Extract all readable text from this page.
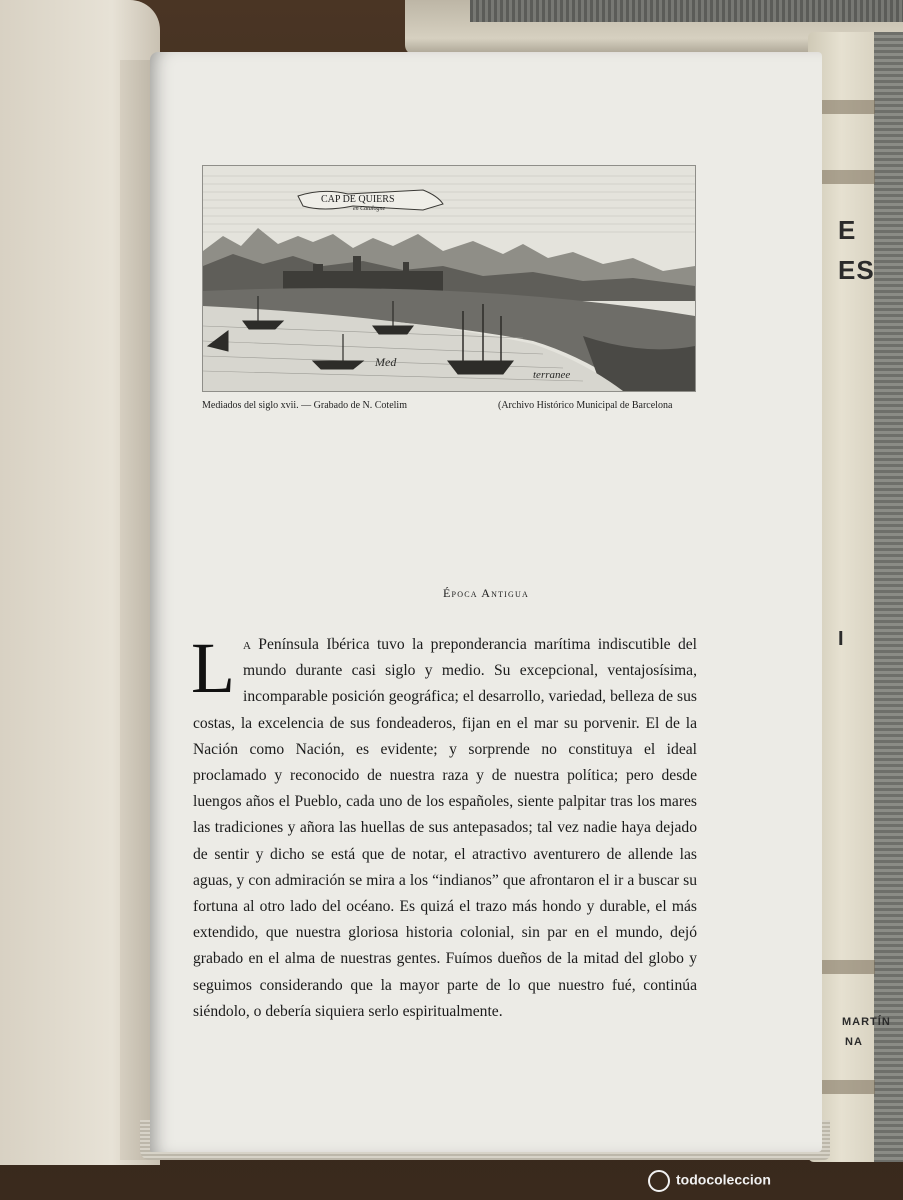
E
ES
I
MARTÍN
NA
CAP DE QUIERS
en Catalogne
Med
terranee
Mediados del siglo xvii. — Grabado de N. Cotelim	(Archivo Histórico Municipal de Barcelona
Época Antigua
La Península Ibérica tuvo la preponderancia marítima indiscutible del mundo durante casi siglo y medio. Su excepcional, ventajosísima, incomparable posición geográfica; el desarrollo, variedad, belleza de sus costas, la excelencia de sus fondeaderos, fijan en el mar su porvenir. El de la Nación como Nación, es evidente; y sorprende no constituya el ideal proclamado y reconocido de nuestra raza y de nuestra política; pero desde luengos años el Pueblo, cada uno de los españoles, siente palpitar tras los mares las tradiciones y añora las huellas de sus antepasados; tal vez nadie haya dejado de sentir y dicho se está que de notar, el atractivo aventurero de allende las aguas, y con admiración se mira a los “indianos” que afrontaron el ir a buscar su fortuna al otro lado del océano. Es quizá el trazo más hondo y durable, el más extendido, que nuestra gloriosa historia colonial, sin par en el mundo, dejó grabado en el alma de nuestras gentes. Fuímos dueños de la mitad del globo y seguimos considerando que la mayor parte de lo que nuestro fué, continúa siéndolo, o debería siquiera serlo espiritualmente.
todocoleccion
